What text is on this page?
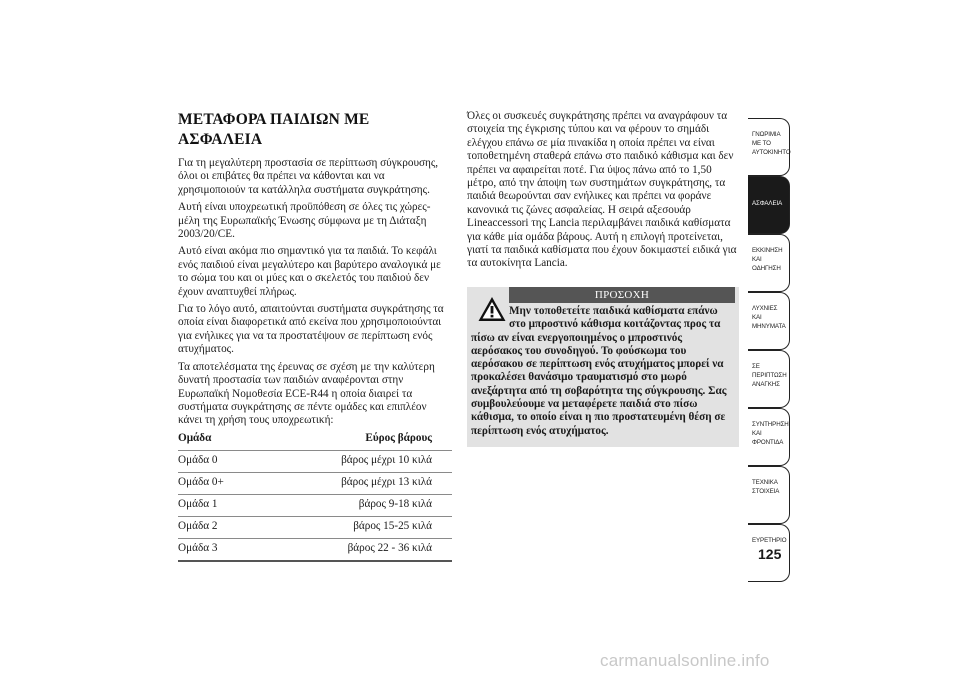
ΜΕΤΑΦΟΡΑ ΠΑΙΔΙΩΝ ΜΕ ΑΣΦΑΛΕΙΑ

Για τη μεγαλύτερη προστασία σε περίπτωση σύγκρουσης, όλοι οι επιβάτες θα πρέπει να κάθονται και να χρησιμοποιούν τα κατάλληλα συστήματα συγκράτησης.

Αυτή είναι υποχρεωτική προϋπόθεση σε όλες τις χώρες-μέλη της Ευρωπαϊκής Ένωσης σύμφωνα με τη Διάταξη 2003/20/CE.

Αυτό είναι ακόμα πιο σημαντικό για τα παιδιά. Το κεφάλι ενός παιδιού είναι μεγαλύτερο και βαρύτερο αναλογικά με το σώμα του και οι μύες και ο σκελετός του παιδιού δεν έχουν αναπτυχθεί πλήρως.

Για το λόγο αυτό, απαιτούνται συστήματα συγκράτησης τα οποία είναι διαφορετικά από εκείνα που χρησιμοποιούνται για ενήλικες για να τα προστατέψουν σε περίπτωση ενός ατυχήματος.

Τα αποτελέσματα της έρευνας σε σχέση με την καλύτερη δυνατή προστασία των παιδιών αναφέρονται στην Ευρωπαϊκή Νομοθεσία ECE-R44 η οποία διαιρεί τα συστήματα συγκράτησης σε πέντε ομάδες και επιπλέον κάνει τη χρήση τους υποχρεωτική:

Ομάδα	Εύρος βάρους
Ομάδα 0	βάρος μέχρι 10 κιλά
Ομάδα 0+	βάρος μέχρι 13 κιλά
Ομάδα 1	βάρος 9-18 κιλά
Ομάδα 2	βάρος 15-25 κιλά
Ομάδα 3	βάρος 22 - 36 κιλά

Όλες οι συσκευές συγκράτησης πρέπει να αναγράφουν τα στοιχεία της έγκρισης τύπου και να φέρουν το σημάδι ελέγχου επάνω σε μία πινακίδα η οποία πρέπει να είναι τοποθετημένη σταθερά επάνω στο παιδικό κάθισμα και δεν πρέπει να αφαιρείται ποτέ. Για ύψος πάνω από το 1,50 μέτρο, από την άποψη των συστημάτων συγκράτησης, τα παιδιά θεωρούνται σαν ενήλικες και πρέπει να φοράνε κανονικά τις ζώνες ασφαλείας. Η σειρά αξεσουάρ Lineaccessori της Lancia περιλαμβάνει παιδικά καθίσματα για κάθε μία ομάδα βάρους. Αυτή η επιλογή προτείνεται, γιατί τα παιδικά καθίσματα που έχουν δοκιμαστεί ειδικά για τα αυτοκίνητα Lancia.

ΠΡΟΣΟΧΗ
Μην τοποθετείτε παιδικά καθίσματα επάνω στο μπροστινό κάθισμα κοιτάζοντας προς τα πίσω αν είναι ενεργοποιημένος ο μπροστινός αερόσακος του συνοδηγού. Το φούσκωμα του αερόσακου σε περίπτωση ενός ατυχήματος μπορεί να προκαλέσει θανάσιμο τραυματισμό στο μωρό ανεξάρτητα από τη σοβαρότητα της σύγκρουσης. Σας συμβουλεύουμε να μεταφέρετε παιδιά στο πίσω κάθισμα, το οποίο είναι η πιο προστατευμένη θέση σε περίπτωση ενός ατυχήματος.
ΓΝΩΡΙΜΙΑ ΜΕ ΤΟ ΑΥΤΟΚΙΝΗΤΟ
ΑΣΦΑΛΕΙΑ
ΕΚΚΙΝΗΣΗ ΚΑΙ ΟΔΗΓΗΣΗ
ΛΥΧΝΙΕΣ ΚΑΙ ΜΗΝΥΜΑΤΑ
ΣΕ ΠΕΡΙΠΤΩΣΗ ΑΝΑΓΚΗΣ
ΣΥΝΤΗΡΗΣΗ ΚΑΙ ΦΡΟΝΤΙΔΑ
ΤΕΧΝΙΚΑ ΣΤΟΙΧΕΙΑ
ΕΥΡΕΤΗΡΙΟ
125
carmanualsonline.info
